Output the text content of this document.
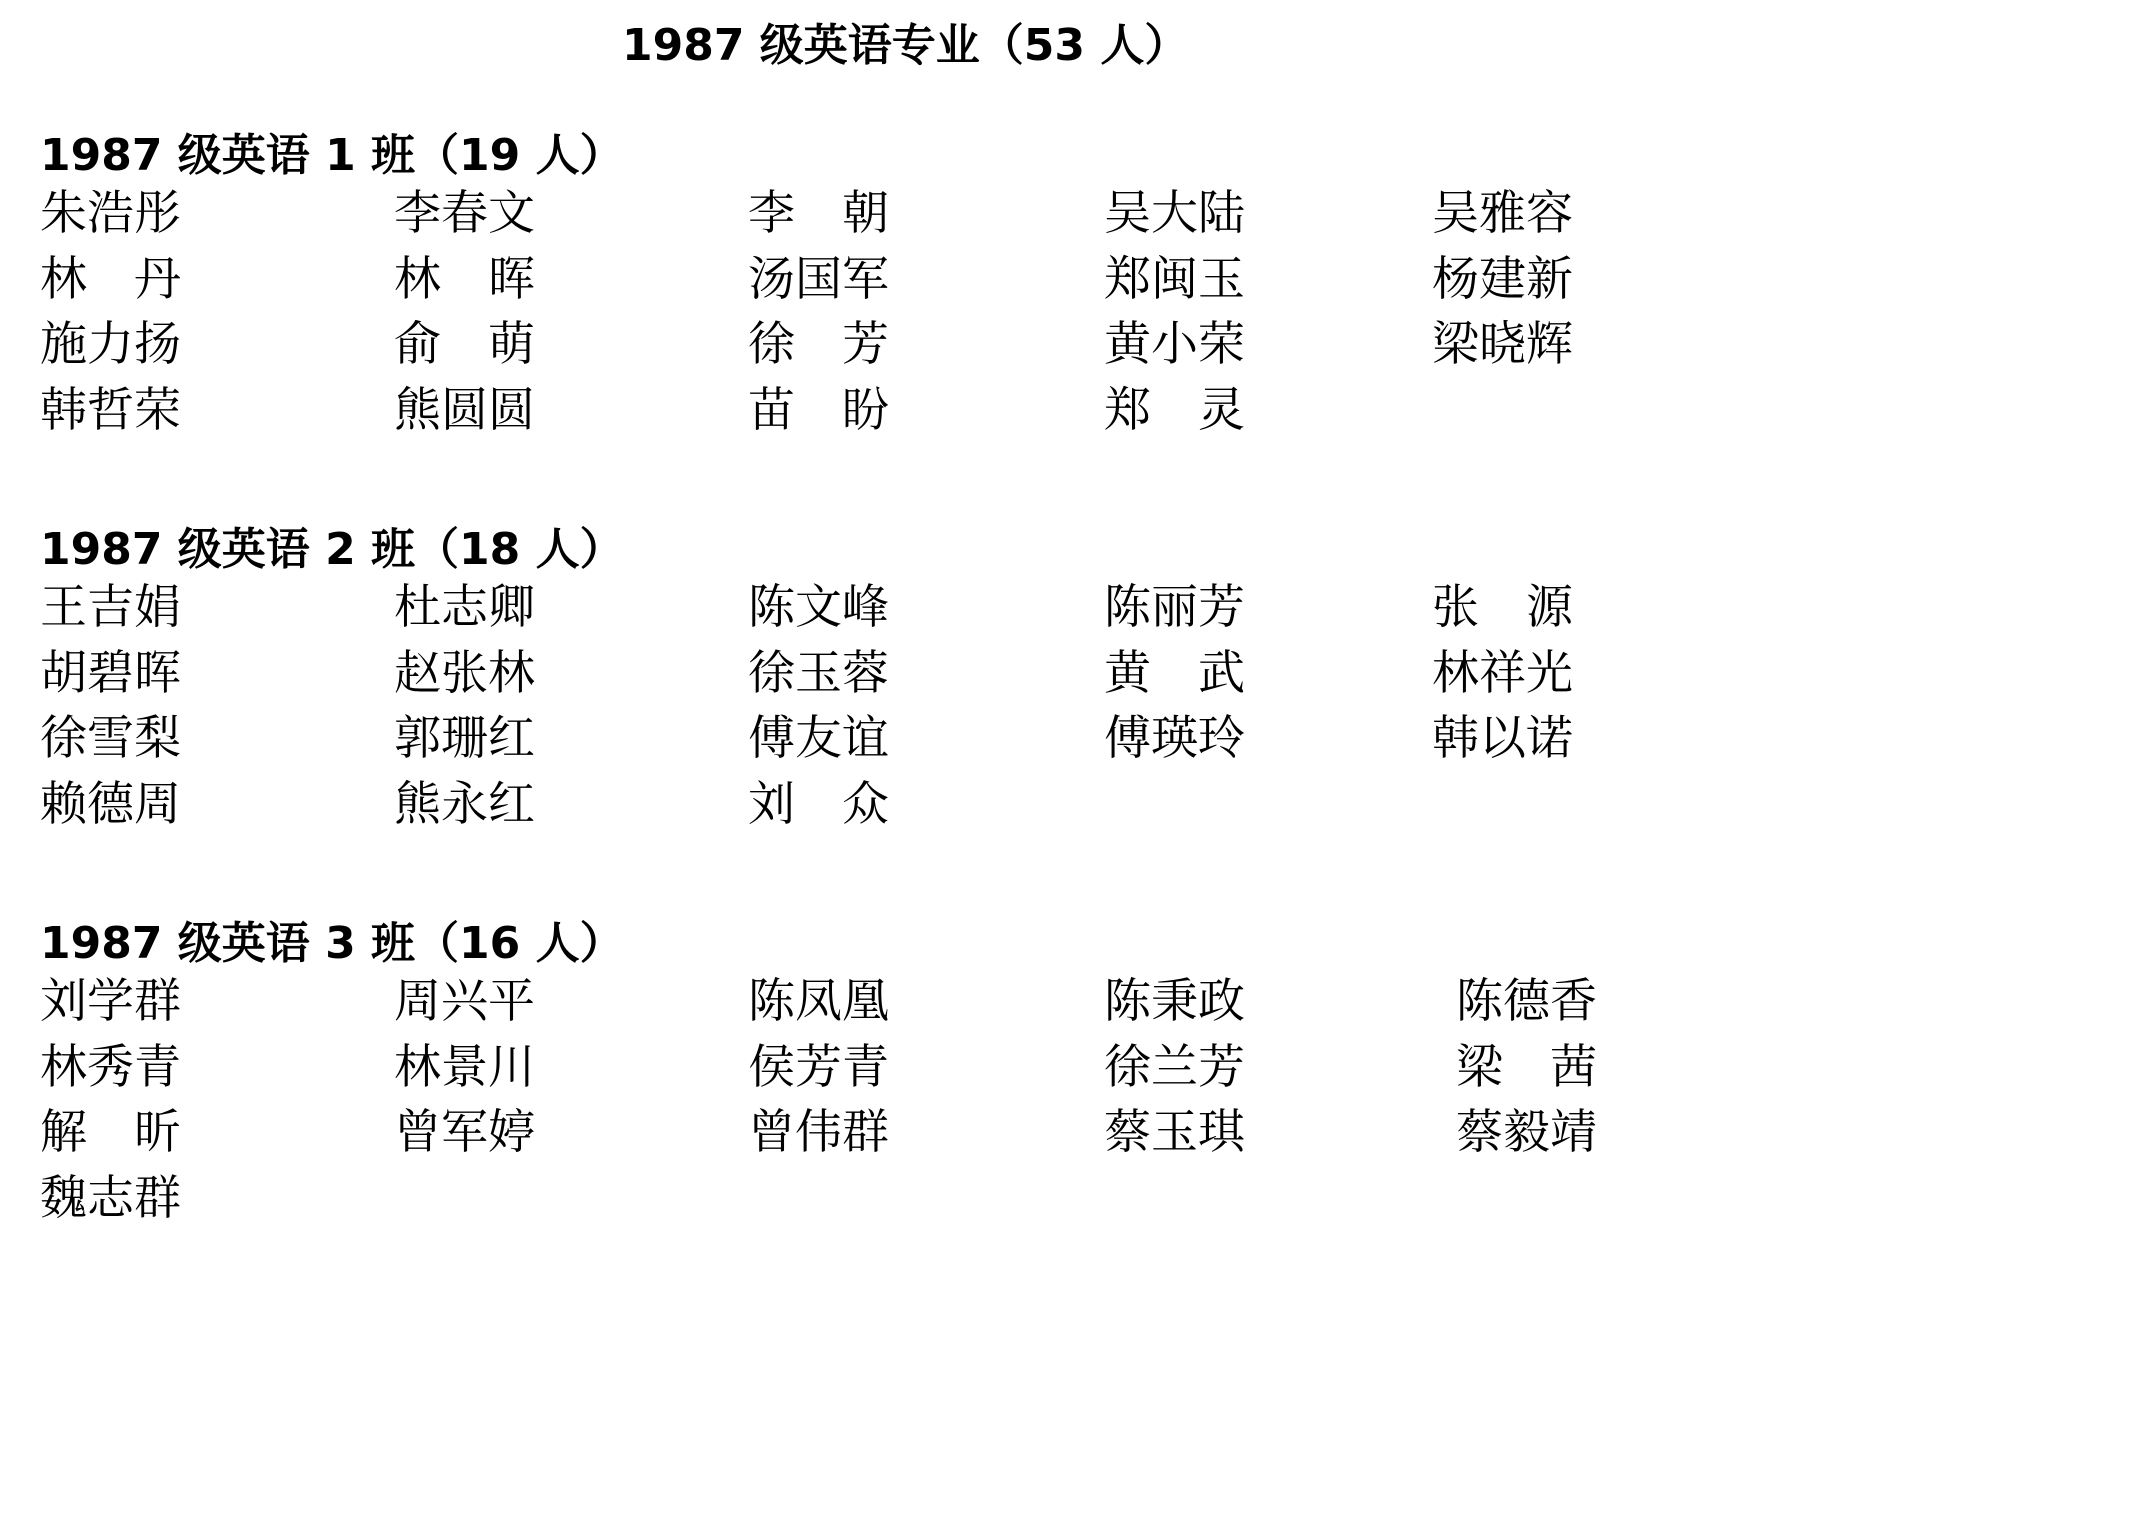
1987 级英语专业（53 人）
1987 级英语 1 班（19 人）
朱浩彤	李春文	李　朝	吴大陆	吴雅容
林　丹	林　晖	汤国军	郑闽玉	杨建新
施力扬	俞　萌	徐　芳	黄小荣	梁晓辉
韩哲荣	熊圆圆	苗　盼	郑　灵
1987 级英语 2 班（18 人）
王吉娟	杜志卿	陈文峰	陈丽芳	张　源
胡碧晖	赵张林	徐玉蓉	黄　武	林祥光
徐雪梨	郭珊红	傅友谊	傅瑛玲	韩以诺
赖德周	熊永红	刘　众
1987 级英语 3 班（16 人）
刘学群	周兴平	陈凤凰	陈秉政	陈德香
林秀青	林景川	侯芳青	徐兰芳	梁　茜
解　昕	曾军婷	曾伟群	蔡玉琪	蔡毅靖
魏志群
